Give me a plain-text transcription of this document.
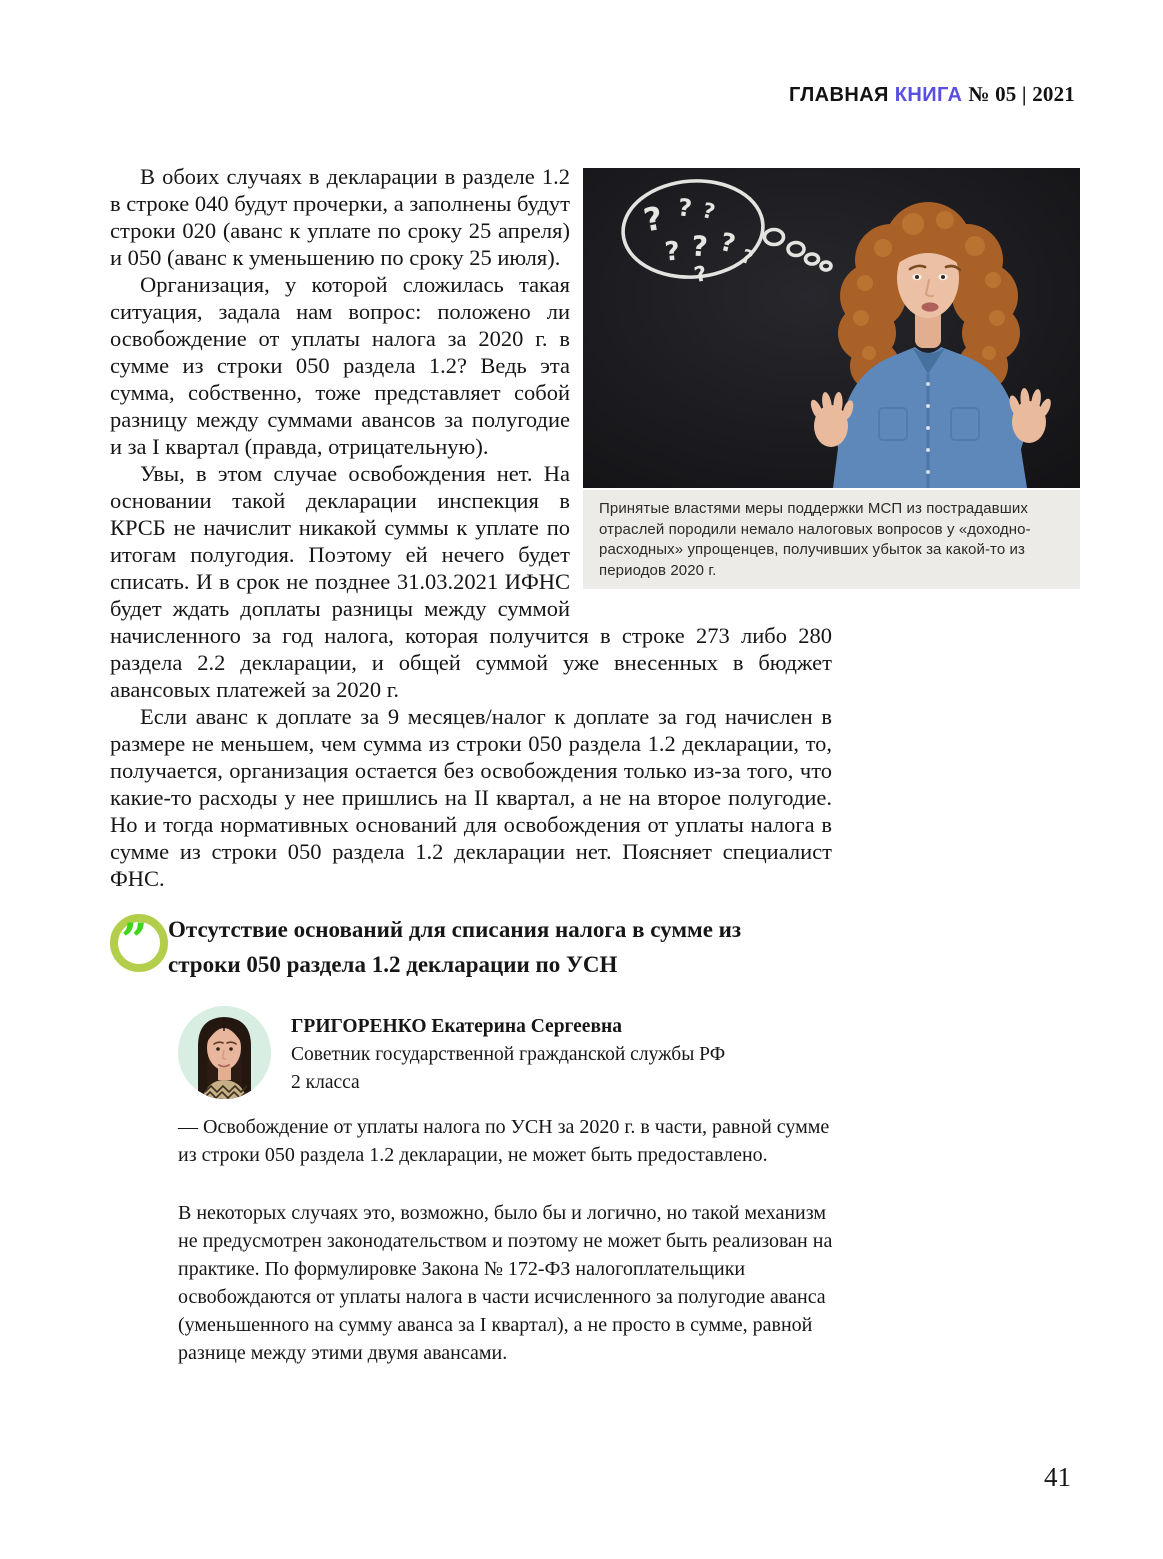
ГЛАВНАЯ КНИГА № 05 | 2021

В обоих случаях в декларации в разделе 1.2 в строке 040 будут прочерки, а заполнены будут строки 020 (аванс к уплате по сроку 25 апреля) и 050 (аванс к уменьшению по сроку 25 июля).

Организация, у которой сложилась такая ситуация, задала нам вопрос: положено ли освобождение от уплаты налога за 2020 г. в сумме из строки 050 раздела 1.2? Ведь эта сумма, собственно, тоже представляет собой разницу между суммами авансов за полугодие и за I квартал (правда, отрицательную).

Увы, в этом случае освобождения нет. На основании такой декларации инспекция в КРСБ не начислит никакой суммы к уплате по итогам полугодия. Поэтому ей нечего будет списать. И в срок не позднее 31.03.2021 ИФНС будет ждать доплаты разницы между суммой начисленного за год налога, которая получится в строке 273 либо 280 раздела 2.2 декларации, и общей суммой уже внесенных в бюджет авансовых платежей за 2020 г.

Если аванс к доплате за 9 месяцев/налог к доплате за год начислен в размере не меньшем, чем сумма из строки 050 раздела 1.2 декларации, то, получается, организация остается без освобождения только из-за того, что какие-то расходы у нее пришлись на II квартал, а не на второе полугодие. Но и тогда нормативных оснований для освобождения от уплаты налога в сумме из строки 050 раздела 1.2 декларации нет. Поясняет специалист ФНС.

? ? ?
? ? ? ?
?
Принятые властями меры поддержки МСП из пострадавших отраслей породили немало налоговых вопросов у «доходно-расходных» упрощенцев, получивших убыток за какой-то из периодов 2020 г.
” Отсутствие оснований для списания налога в сумме из строки 050 раздела 1.2 декларации по УСН
ГРИГОРЕНКО Екатерина Сергеевна
Советник государственной гражданской службы РФ
2 класса

— Освобождение от уплаты налога по УСН за 2020 г. в части, равной сумме из строки 050 раздела 1.2 декларации, не может быть предоставлено.

В некоторых случаях это, возможно, было бы и логично, но такой механизм не предусмотрен законодательством и поэтому не может быть реализован на практике. По формулировке Закона № 172-ФЗ налогоплательщики освобождаются от уплаты налога в части исчисленного за полугодие аванса (уменьшенного на сумму аванса за I квартал), а не просто в сумме, равной разнице между этими двумя авансами.

41
